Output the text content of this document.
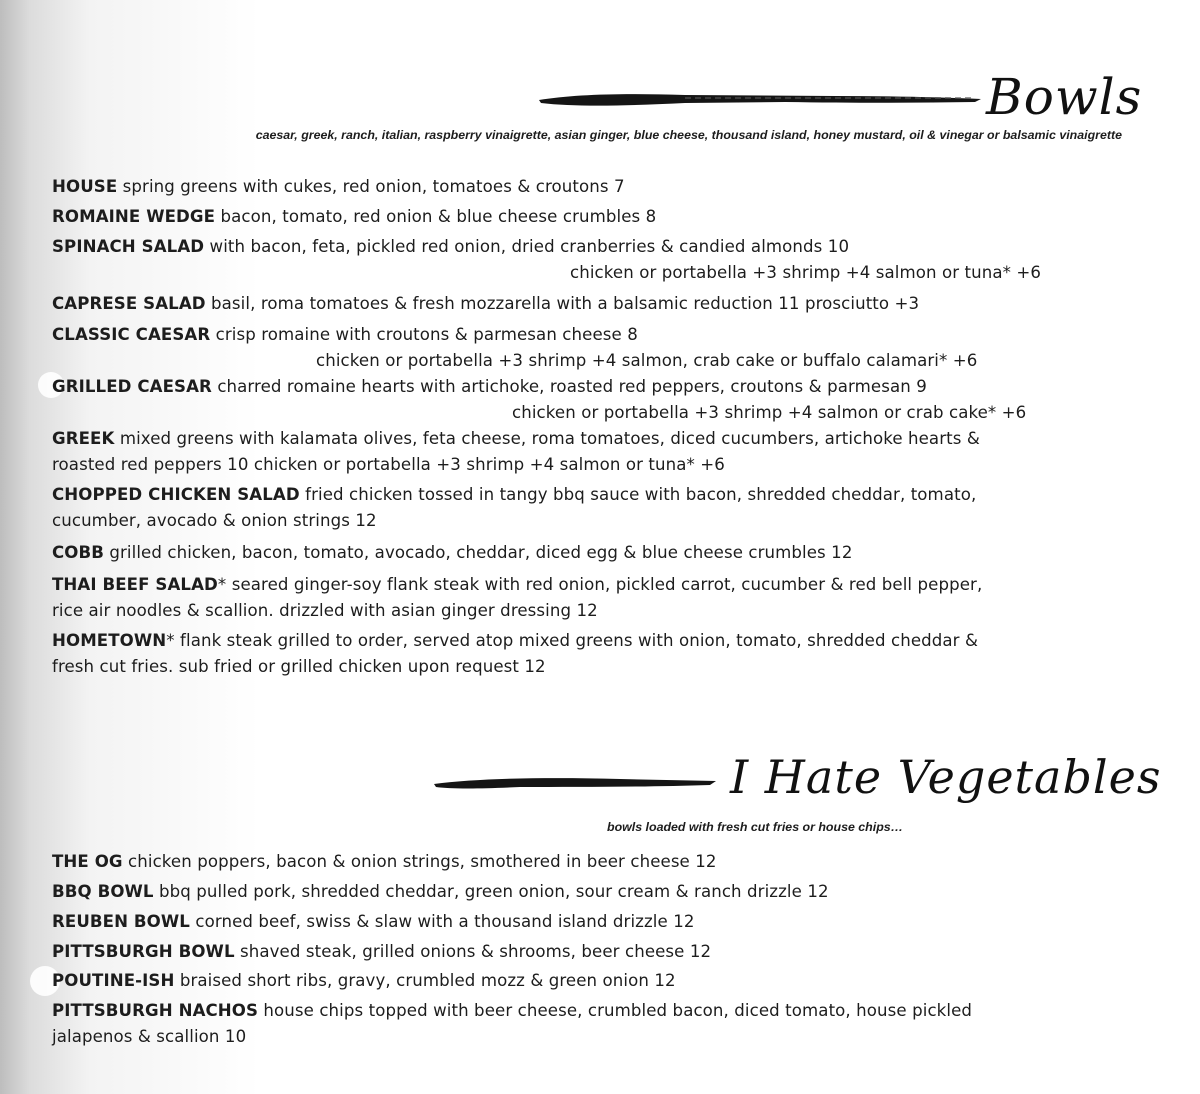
Bowls
caesar, greek, ranch, italian, raspberry vinaigrette, asian ginger, blue cheese, thousand island, honey mustard, oil & vinegar or balsamic vinaigrette
HOUSE spring greens with cukes, red onion, tomatoes & croutons 7
ROMAINE WEDGE bacon, tomato, red onion & blue cheese crumbles 8
SPINACH SALAD with bacon, feta, pickled red onion, dried cranberries & candied almonds 10
chicken or portabella +3 shrimp +4 salmon or tuna* +6
CAPRESE SALAD basil, roma tomatoes & fresh mozzarella with a balsamic reduction 11 prosciutto +3
CLASSIC CAESAR crisp romaine with croutons & parmesan cheese 8
chicken or portabella +3 shrimp +4 salmon, crab cake or buffalo calamari* +6
GRILLED CAESAR charred romaine hearts with artichoke, roasted red peppers, croutons & parmesan 9
chicken or portabella +3 shrimp +4 salmon or crab cake* +6
GREEK mixed greens with kalamata olives, feta cheese, roma tomatoes, diced cucumbers, artichoke hearts &
roasted red peppers 10 chicken or portabella +3 shrimp +4 salmon or tuna* +6
CHOPPED CHICKEN SALAD fried chicken tossed in tangy bbq sauce with bacon, shredded cheddar, tomato,
cucumber, avocado & onion strings 12
COBB grilled chicken, bacon, tomato, avocado, cheddar, diced egg & blue cheese crumbles 12
THAI BEEF SALAD* seared ginger-soy flank steak with red onion, pickled carrot, cucumber & red bell pepper,
rice air noodles & scallion. drizzled with asian ginger dressing 12
HOMETOWN* flank steak grilled to order, served atop mixed greens with onion, tomato, shredded cheddar &
fresh cut fries. sub fried or grilled chicken upon request 12
I Hate Vegetables
bowls loaded with fresh cut fries or house chips…
THE OG chicken poppers, bacon & onion strings, smothered in beer cheese 12
BBQ BOWL bbq pulled pork, shredded cheddar, green onion, sour cream & ranch drizzle 12
REUBEN BOWL corned beef, swiss & slaw with a thousand island drizzle 12
PITTSBURGH BOWL shaved steak, grilled onions & shrooms, beer cheese 12
POUTINE-ISH braised short ribs, gravy, crumbled mozz & green onion 12
PITTSBURGH NACHOS house chips topped with beer cheese, crumbled bacon, diced tomato, house pickled
jalapenos & scallion 10
